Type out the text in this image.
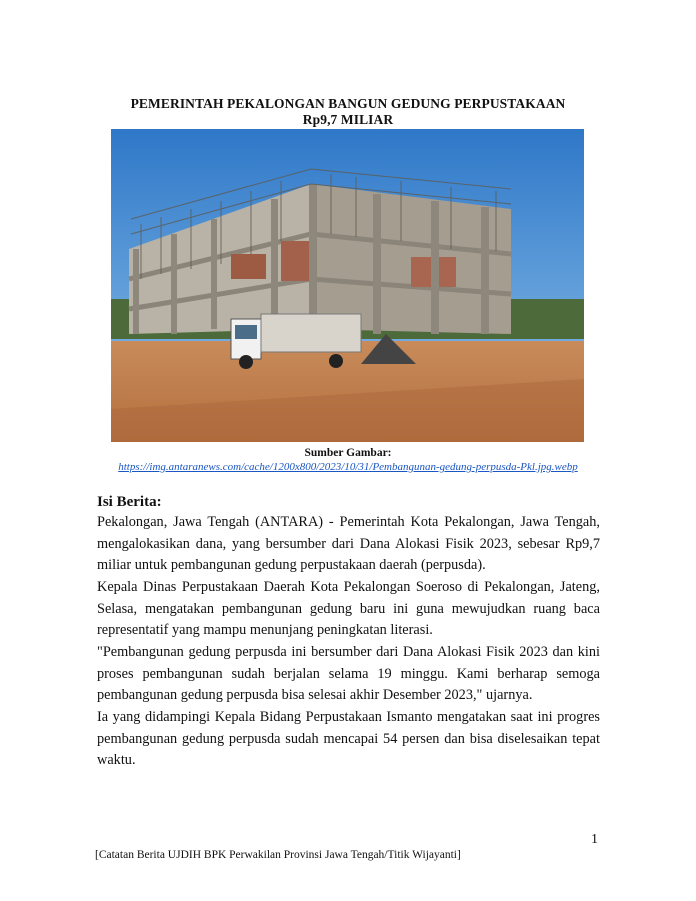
PEMERINTAH PEKALONGAN BANGUN GEDUNG PERPUSTAKAAN
Rp9,7 MILIAR
Sumber Gambar:
https://img.antaranews.com/cache/1200x800/2023/10/31/Pembangunan-gedung-perpusda-Pkl.jpg.webp
Isi Berita:

Pekalongan, Jawa Tengah (ANTARA) - Pemerintah Kota Pekalongan, Jawa Tengah, mengalokasikan dana, yang bersumber dari Dana Alokasi Fisik 2023, sebesar Rp9,7 miliar untuk pembangunan gedung perpustakaan daerah (perpusda).

Kepala Dinas Perpustakaan Daerah Kota Pekalongan Soeroso di Pekalongan, Jateng, Selasa, mengatakan pembangunan gedung baru ini guna mewujudkan ruang baca representatif yang mampu menunjang peningkatan literasi.

"Pembangunan gedung perpusda ini bersumber dari Dana Alokasi Fisik 2023 dan kini proses pembangunan sudah berjalan selama 19 minggu. Kami berharap semoga pembangunan gedung perpusda bisa selesai akhir Desember 2023," ujarnya.

Ia yang didampingi Kepala Bidang Perpustakaan Ismanto mengatakan saat ini progres pembangunan gedung perpusda sudah mencapai 54 persen dan bisa diselesaikan tepat waktu.

1
[Catatan Berita UJDIH BPK Perwakilan Provinsi Jawa Tengah/Titik Wijayanti]
